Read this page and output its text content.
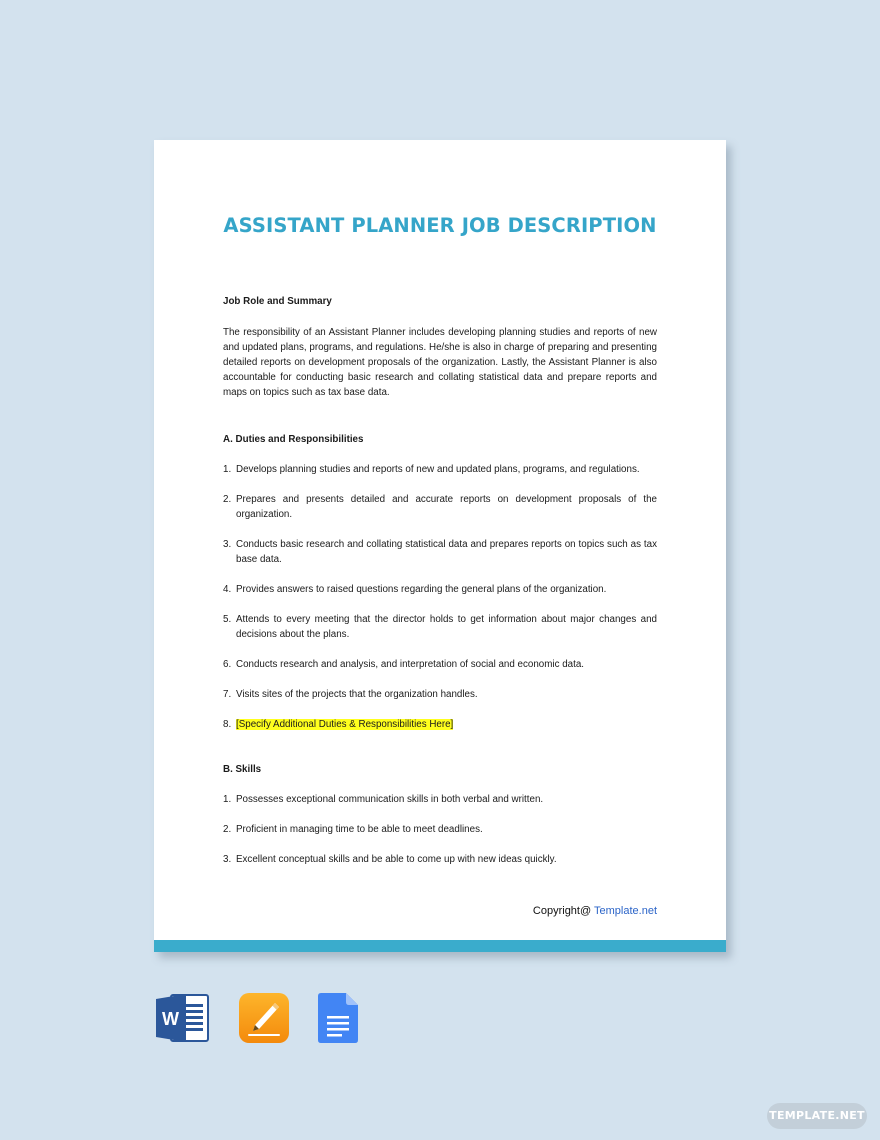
ASSISTANT PLANNER JOB DESCRIPTION

Job Role and Summary

The responsibility of an Assistant Planner includes developing planning studies and reports of new and updated plans, programs, and regulations. He/she is also in charge of preparing and presenting detailed reports on development proposals of the organization. Lastly, the Assistant Planner is also accountable for conducting basic research and collating statistical data and prepare reports and maps on topics such as tax base data.

A. Duties and Responsibilities

1. Develops planning studies and reports of new and updated plans, programs, and regulations.
2. Prepares and presents detailed and accurate reports on development proposals of the organization.
3. Conducts basic research and collating statistical data and prepares reports on topics such as tax base data.
4. Provides answers to raised questions regarding the general plans of the organization.
5. Attends to every meeting that the director holds to get information about major changes and decisions about the plans.
6. Conducts research and analysis, and interpretation of social and economic data.
7. Visits sites of the projects that the organization handles.
8. [Specify Additional Duties & Responsibilities Here]

B. Skills

1. Possesses exceptional communication skills in both verbal and written.
2. Proficient in managing time to be able to meet deadlines.
3. Excellent conceptual skills and be able to come up with new ideas quickly.
Copyright@ Template.net
W
TEMPLATE.NET
